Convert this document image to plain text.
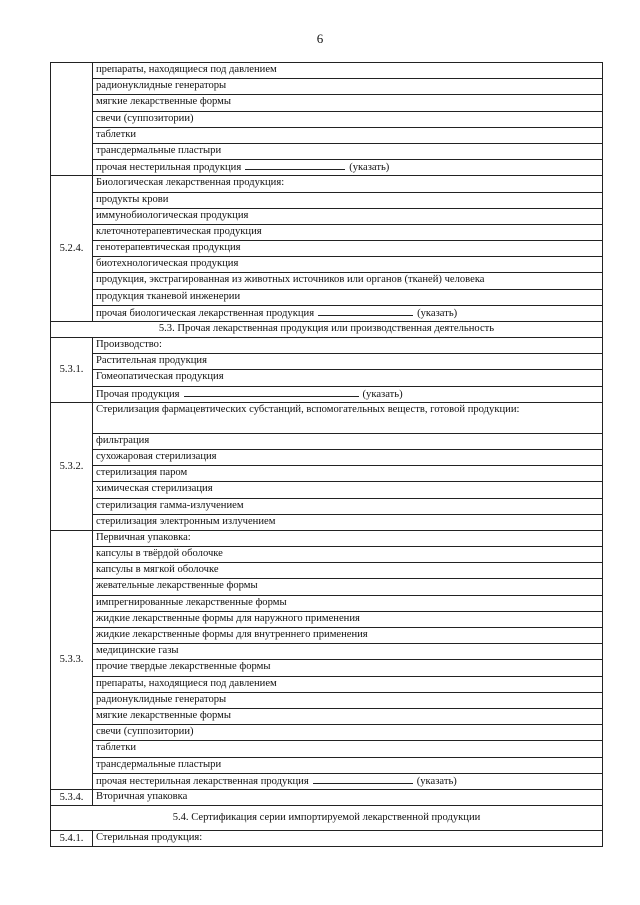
6
	препараты, находящиеся под давлением
	радионуклидные генераторы
	мягкие лекарственные формы
	свечи (суппозитории)
	таблетки
	трансдермальные пластыри
	прочая нестерильная продукция (указать)
5.2.4.	Биологическая лекарственная продукция:
	продукты крови
	иммунобиологическая продукция
	клеточнотерапевтическая продукция
	генотерапевтическая продукция
	биотехнологическая продукция
	продукция, экстрагированная из животных источников или органов (тканей) человека
	продукция тканевой инженерии
	прочая биологическая лекарственная продукция (указать)
5.3. Прочая лекарственная продукция или производственная деятельность	
5.3.1.	Производство:
	Растительная продукция
	Гомеопатическая продукция
	Прочая продукция (указать)
5.3.2.	Стерилизация фармацевтических субстанций, вспомогательных веществ, готовой продукции:
	фильтрация
	сухожаровая стерилизация
	стерилизация паром
	химическая стерилизация
	стерилизация гамма-излучением
	стерилизация электронным излучением
5.3.3.	Первичная упаковка:
	капсулы в твёрдой оболочке
	капсулы в мягкой оболочке
	жевательные лекарственные формы
	импрегнированные лекарственные формы
	жидкие лекарственные формы для наружного применения
	жидкие лекарственные формы для внутреннего применения
	медицинские газы
	прочие твердые лекарственные формы
	препараты, находящиеся под давлением
	радионуклидные генераторы
	мягкие лекарственные формы
	свечи (суппозитории)
	таблетки
	трансдермальные пластыри
	прочая нестерильная лекарственная продукция (указать)
5.3.4.	Вторичная упаковка
5.4. Сертификация серии импортируемой лекарственной продукции	
5.4.1.	Стерильная продукция:
